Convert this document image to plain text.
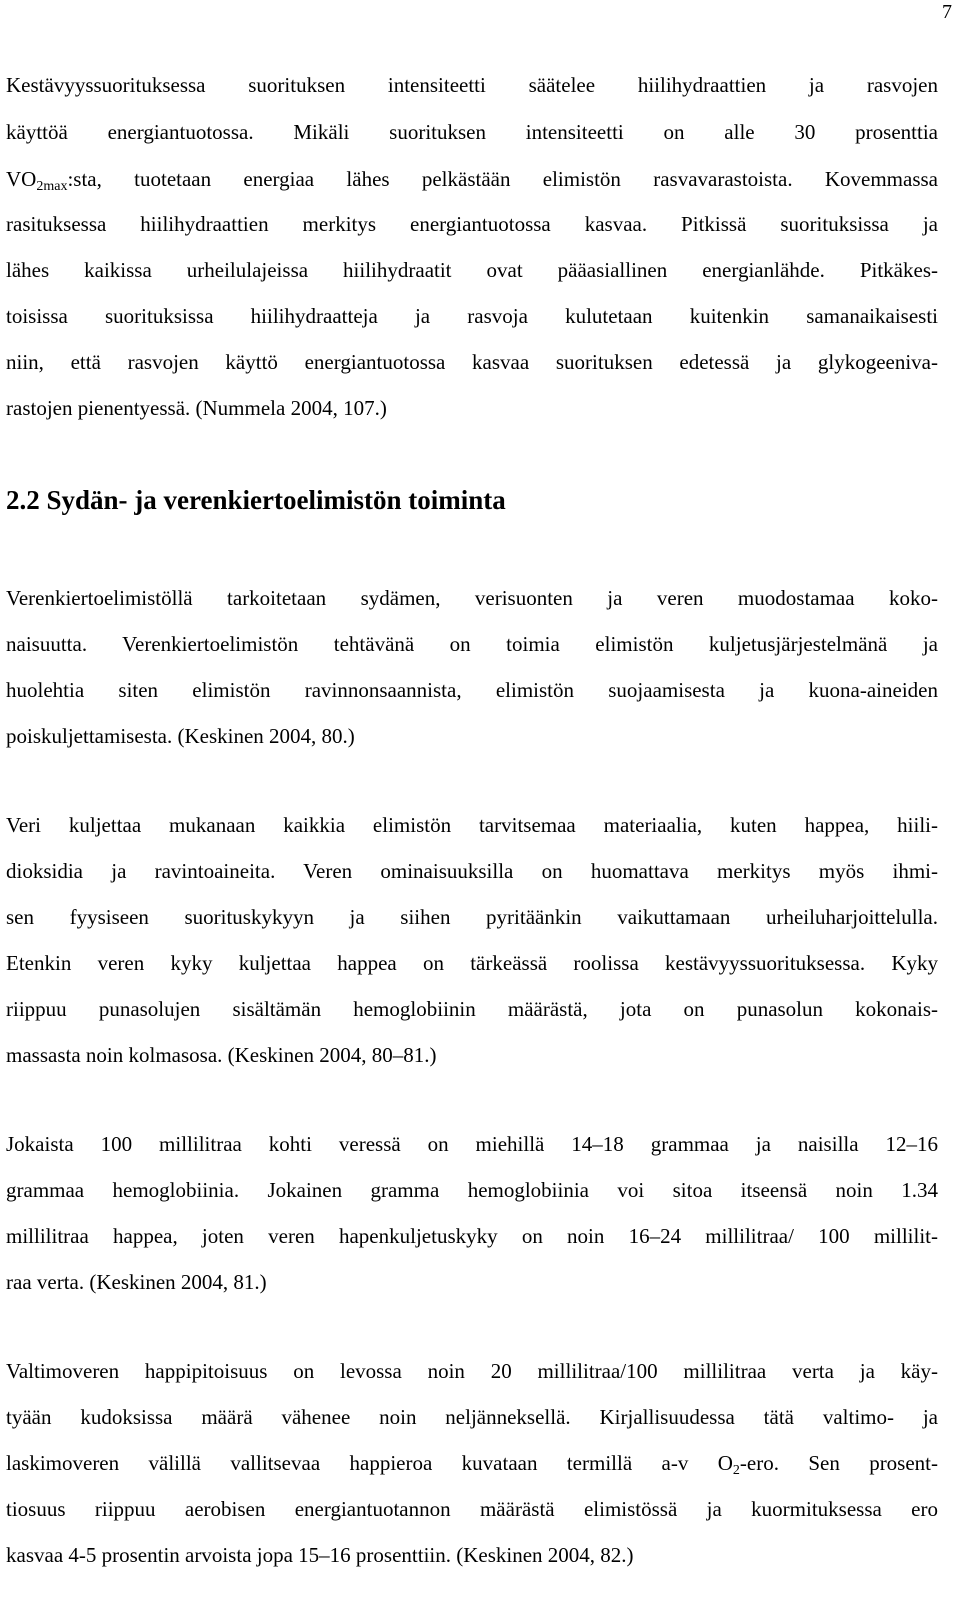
7
Kestävyyssuorituksessa suorituksen intensiteetti säätelee hiilihydraattien ja rasvojen
käyttöä energiantuotossa. Mikäli suorituksen intensiteetti on alle 30 prosenttia
$VO_{2max}:sta$, tuotetaan energiaa lähes pelkästään elimistön rasvavarastoista. Kovemmassa
rasituksessa hiilihydraattien merkitys energiantuotossa kasvaa. Pitkissä suorituksissa ja
lähes kaikissa urheilulajeissa hiilihydraatit ovat pääasiallinen energianlähde. Pitkäkes-
toisissa suorituksissa hiilihydraatteja ja rasvoja kulutetaan kuitenkin samanaikaisesti
niin, että rasvojen käyttö energiantuotossa kasvaa suorituksen edetessä ja glykogeeniva-
rastojen pienentyessä. (Nummela 2004, 107.)
2.2 Sydän- ja verenkiertoelimistön toiminta
Verenkiertoelimistöllä tarkoitetaan sydämen, verisuonten ja veren muodostamaa koko-
naisuutta. Verenkiertoelimistön tehtävänä on toimia elimistön kuljetusjärjestelmänä ja
huolehtia siten elimistön ravinnonsaannista, elimistön suojaamisesta ja kuona-aineiden
poiskuljettamisesta. (Keskinen 2004, 80.)
Veri kuljettaa mukanaan kaikkia elimistön tarvitsemaa materiaalia, kuten happea, hiili-
dioksidia ja ravintoaineita. Veren ominaisuuksilla on huomattava merkitys myös ihmi-
sen fyysiseen suorituskykyyn ja siihen pyritäänkin vaikuttamaan urheiluharjoittelulla.
Etenkin veren kyky kuljettaa happea on tärkeässä roolissa kestävyyssuorituksessa. Kyky
riippuu punasolujen sisältämän hemoglobiinin määrästä, jota on punasolun kokonais-
massasta noin kolmasosa. (Keskinen 2004, 80–81.)
Jokaista 100 millilitraa kohti veressä on miehillä 14–18 grammaa ja naisilla 12–16
grammaa hemoglobiinia. Jokainen gramma hemoglobiinia voi sitoa itseensä noin 1.34
millilitraa happea, joten veren hapenkuljetuskyky on noin 16–24 millilitraa/ 100 millilit-
raa verta. (Keskinen 2004, 81.)
Valtimoveren happipitoisuus on levossa noin 20 millilitraa/100 millilitraa verta ja käy-
tyään kudoksissa määrä vähenee noin neljänneksellä. Kirjallisuudessa tätä valtimo- ja
laskimoveren välillä vallitsevaa happieroa kuvataan termillä a-v $O_2$-ero. Sen prosent-
tiosuus riippuu aerobisen energiantuotannon määrästä elimistössä ja kuormituksessa ero
kasvaa 4-5 prosentin arvoista jopa 15–16 prosenttiin. (Keskinen 2004, 82.)
